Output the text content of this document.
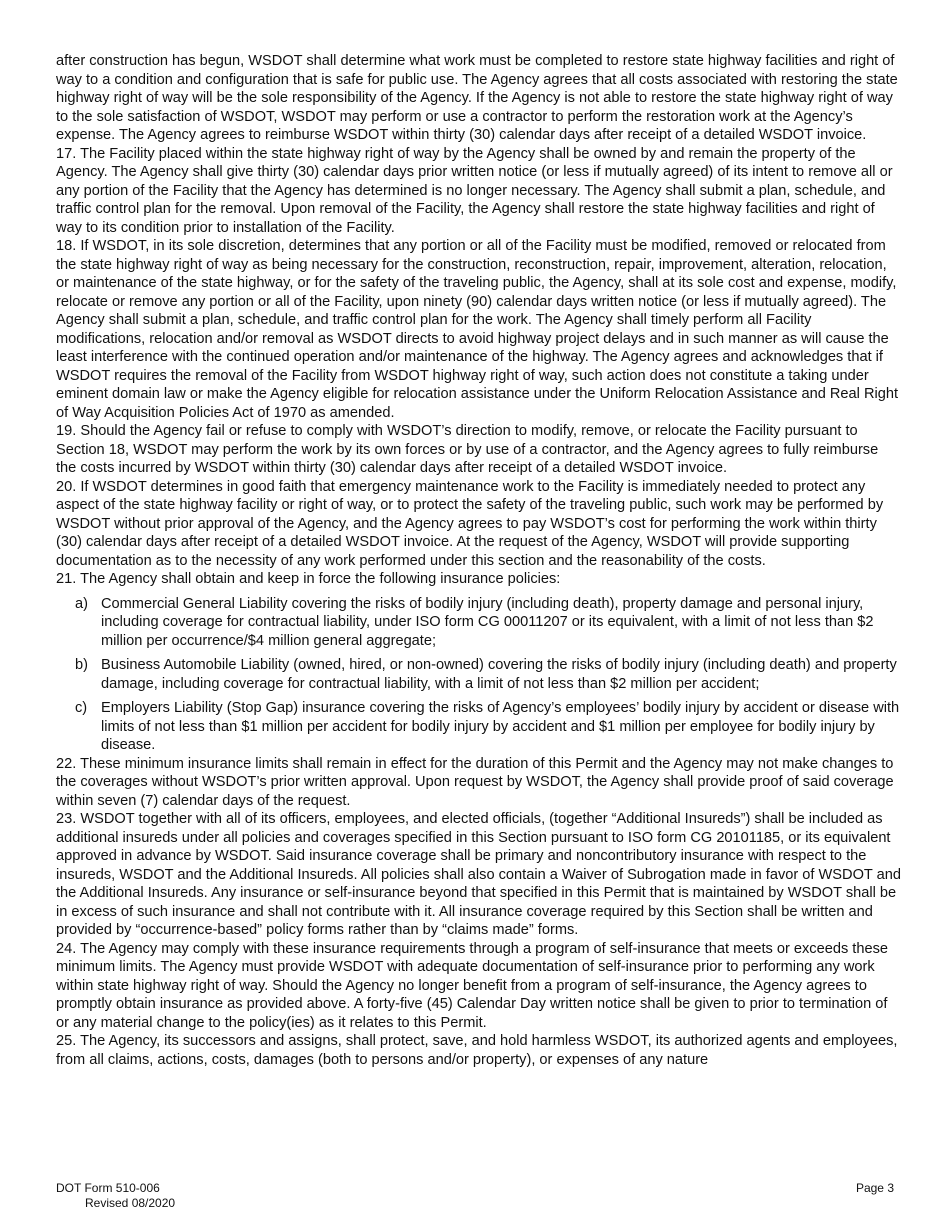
after construction has begun, WSDOT shall determine what work must be completed to restore state highway facilities and right of way to a condition and configuration that is safe for public use. The Agency agrees that all costs associated with restoring the state highway right of way will be the sole responsibility of the Agency. If the Agency is not able to restore the state highway right of way to the sole satisfaction of WSDOT, WSDOT may perform or use a contractor to perform the restoration work at the Agency’s expense. The Agency agrees to reimburse WSDOT within thirty (30) calendar days after receipt of a detailed WSDOT invoice.

17. The Facility placed within the state highway right of way by the Agency shall be owned by and remain the property of the Agency. The Agency shall give thirty (30) calendar days prior written notice (or less if mutually agreed) of its intent to remove all or any portion of the Facility that the Agency has determined is no longer necessary. The Agency shall submit a plan, schedule, and traffic control plan for the removal. Upon removal of the Facility, the Agency shall restore the state highway facilities and right of way to its condition prior to installation of the Facility.

18. If WSDOT, in its sole discretion, determines that any portion or all of the Facility must be modified, removed or relocated from the state highway right of way as being necessary for the construction, reconstruction, repair, improvement, alteration, relocation, or maintenance of the state highway, or for the safety of the traveling public, the Agency, shall at its sole cost and expense, modify, relocate or remove any portion or all of the Facility, upon ninety (90) calendar days written notice (or less if mutually agreed). The Agency shall submit a plan, schedule, and traffic control plan for the work. The Agency shall timely perform all Facility modifications, relocation and/or removal as WSDOT directs to avoid highway project delays and in such manner as will cause the least interference with the continued operation and/or maintenance of the highway. The Agency agrees and acknowledges that if WSDOT requires the removal of the Facility from WSDOT highway right of way, such action does not constitute a taking under eminent domain law or make the Agency eligible for relocation assistance under the Uniform Relocation Assistance and Real Right of Way Acquisition Policies Act of 1970 as amended.

19. Should the Agency fail or refuse to comply with WSDOT’s direction to modify, remove, or relocate the Facility pursuant to Section 18, WSDOT may perform the work by its own forces or by use of a contractor, and the Agency agrees to fully reimburse the costs incurred by WSDOT within thirty (30) calendar days after receipt of a detailed WSDOT invoice.

20. If WSDOT determines in good faith that emergency maintenance work to the Facility is immediately needed to protect any aspect of the state highway facility or right of way, or to protect the safety of the traveling public, such work may be performed by WSDOT without prior approval of the Agency, and the Agency agrees to pay WSDOT’s cost for performing the work within thirty (30) calendar days after receipt of a detailed WSDOT invoice. At the request of the Agency, WSDOT will provide supporting documentation as to the necessity of any work performed under this section and the reasonability of the costs.

21. The Agency shall obtain and keep in force the following insurance policies:

a) Commercial General Liability covering the risks of bodily injury (including death), property damage and personal injury, including coverage for contractual liability, under ISO form CG 00011207 or its equivalent, with a limit of not less than $2 million per occurrence/$4 million general aggregate;
b) Business Automobile Liability (owned, hired, or non-owned) covering the risks of bodily injury (including death) and property damage, including coverage for contractual liability, with a limit of not less than $2 million per accident;
c) Employers Liability (Stop Gap) insurance covering the risks of Agency’s employees’ bodily injury by accident or disease with limits of not less than $1 million per accident for bodily injury by accident and $1 million per employee for bodily injury by disease.

22. These minimum insurance limits shall remain in effect for the duration of this Permit and the Agency may not make changes to the coverages without WSDOT’s prior written approval. Upon request by WSDOT, the Agency shall provide proof of said coverage within seven (7) calendar days of the request.

23. WSDOT together with all of its officers, employees, and elected officials, (together “Additional Insureds”) shall be included as additional insureds under all policies and coverages specified in this Section pursuant to ISO form CG 20101185, or its equivalent approved in advance by WSDOT. Said insurance coverage shall be primary and noncontributory insurance with respect to the insureds, WSDOT and the Additional Insureds. All policies shall also contain a Waiver of Subrogation made in favor of WSDOT and the Additional Insureds. Any insurance or self-insurance beyond that specified in this Permit that is maintained by WSDOT shall be in excess of such insurance and shall not contribute with it. All insurance coverage required by this Section shall be written and provided by “occurrence-based” policy forms rather than by “claims made” forms.

24. The Agency may comply with these insurance requirements through a program of self-insurance that meets or exceeds these minimum limits. The Agency must provide WSDOT with adequate documentation of self-insurance prior to performing any work within state highway right of way. Should the Agency no longer benefit from a program of self-insurance, the Agency agrees to promptly obtain insurance as provided above. A forty-five (45) Calendar Day written notice shall be given to prior to termination of or any material change to the policy(ies) as it relates to this Permit.

25. The Agency, its successors and assigns, shall protect, save, and hold harmless WSDOT, its authorized agents and employees, from all claims, actions, costs, damages (both to persons and/or property), or expenses of any nature

DOT Form 510-006
Revised 08/2020
Page 3
